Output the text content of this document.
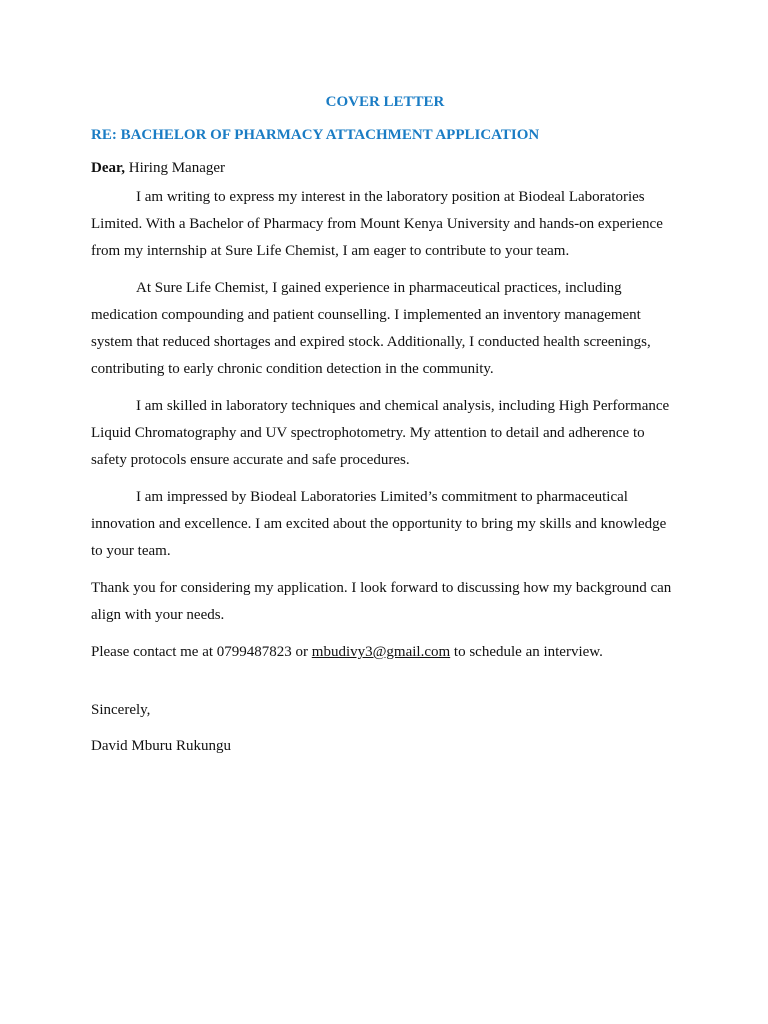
COVER LETTER

RE: BACHELOR OF PHARMACY ATTACHMENT APPLICATION

Dear, Hiring Manager

I am writing to express my interest in the laboratory position at Biodeal Laboratories Limited. With a Bachelor of Pharmacy from Mount Kenya University and hands-on experience from my internship at Sure Life Chemist, I am eager to contribute to your team.

At Sure Life Chemist, I gained experience in pharmaceutical practices, including medication compounding and patient counselling. I implemented an inventory management system that reduced shortages and expired stock. Additionally, I conducted health screenings, contributing to early chronic condition detection in the community.

I am skilled in laboratory techniques and chemical analysis, including High Performance Liquid Chromatography and UV spectrophotometry. My attention to detail and adherence to safety protocols ensure accurate and safe procedures.

I am impressed by Biodeal Laboratories Limited’s commitment to pharmaceutical innovation and excellence. I am excited about the opportunity to bring my skills and knowledge to your team.

Thank you for considering my application. I look forward to discussing how my background can align with your needs.

Please contact me at 0799487823 or mbudivy3@gmail.com to schedule an interview.

Sincerely,

David Mburu Rukungu
